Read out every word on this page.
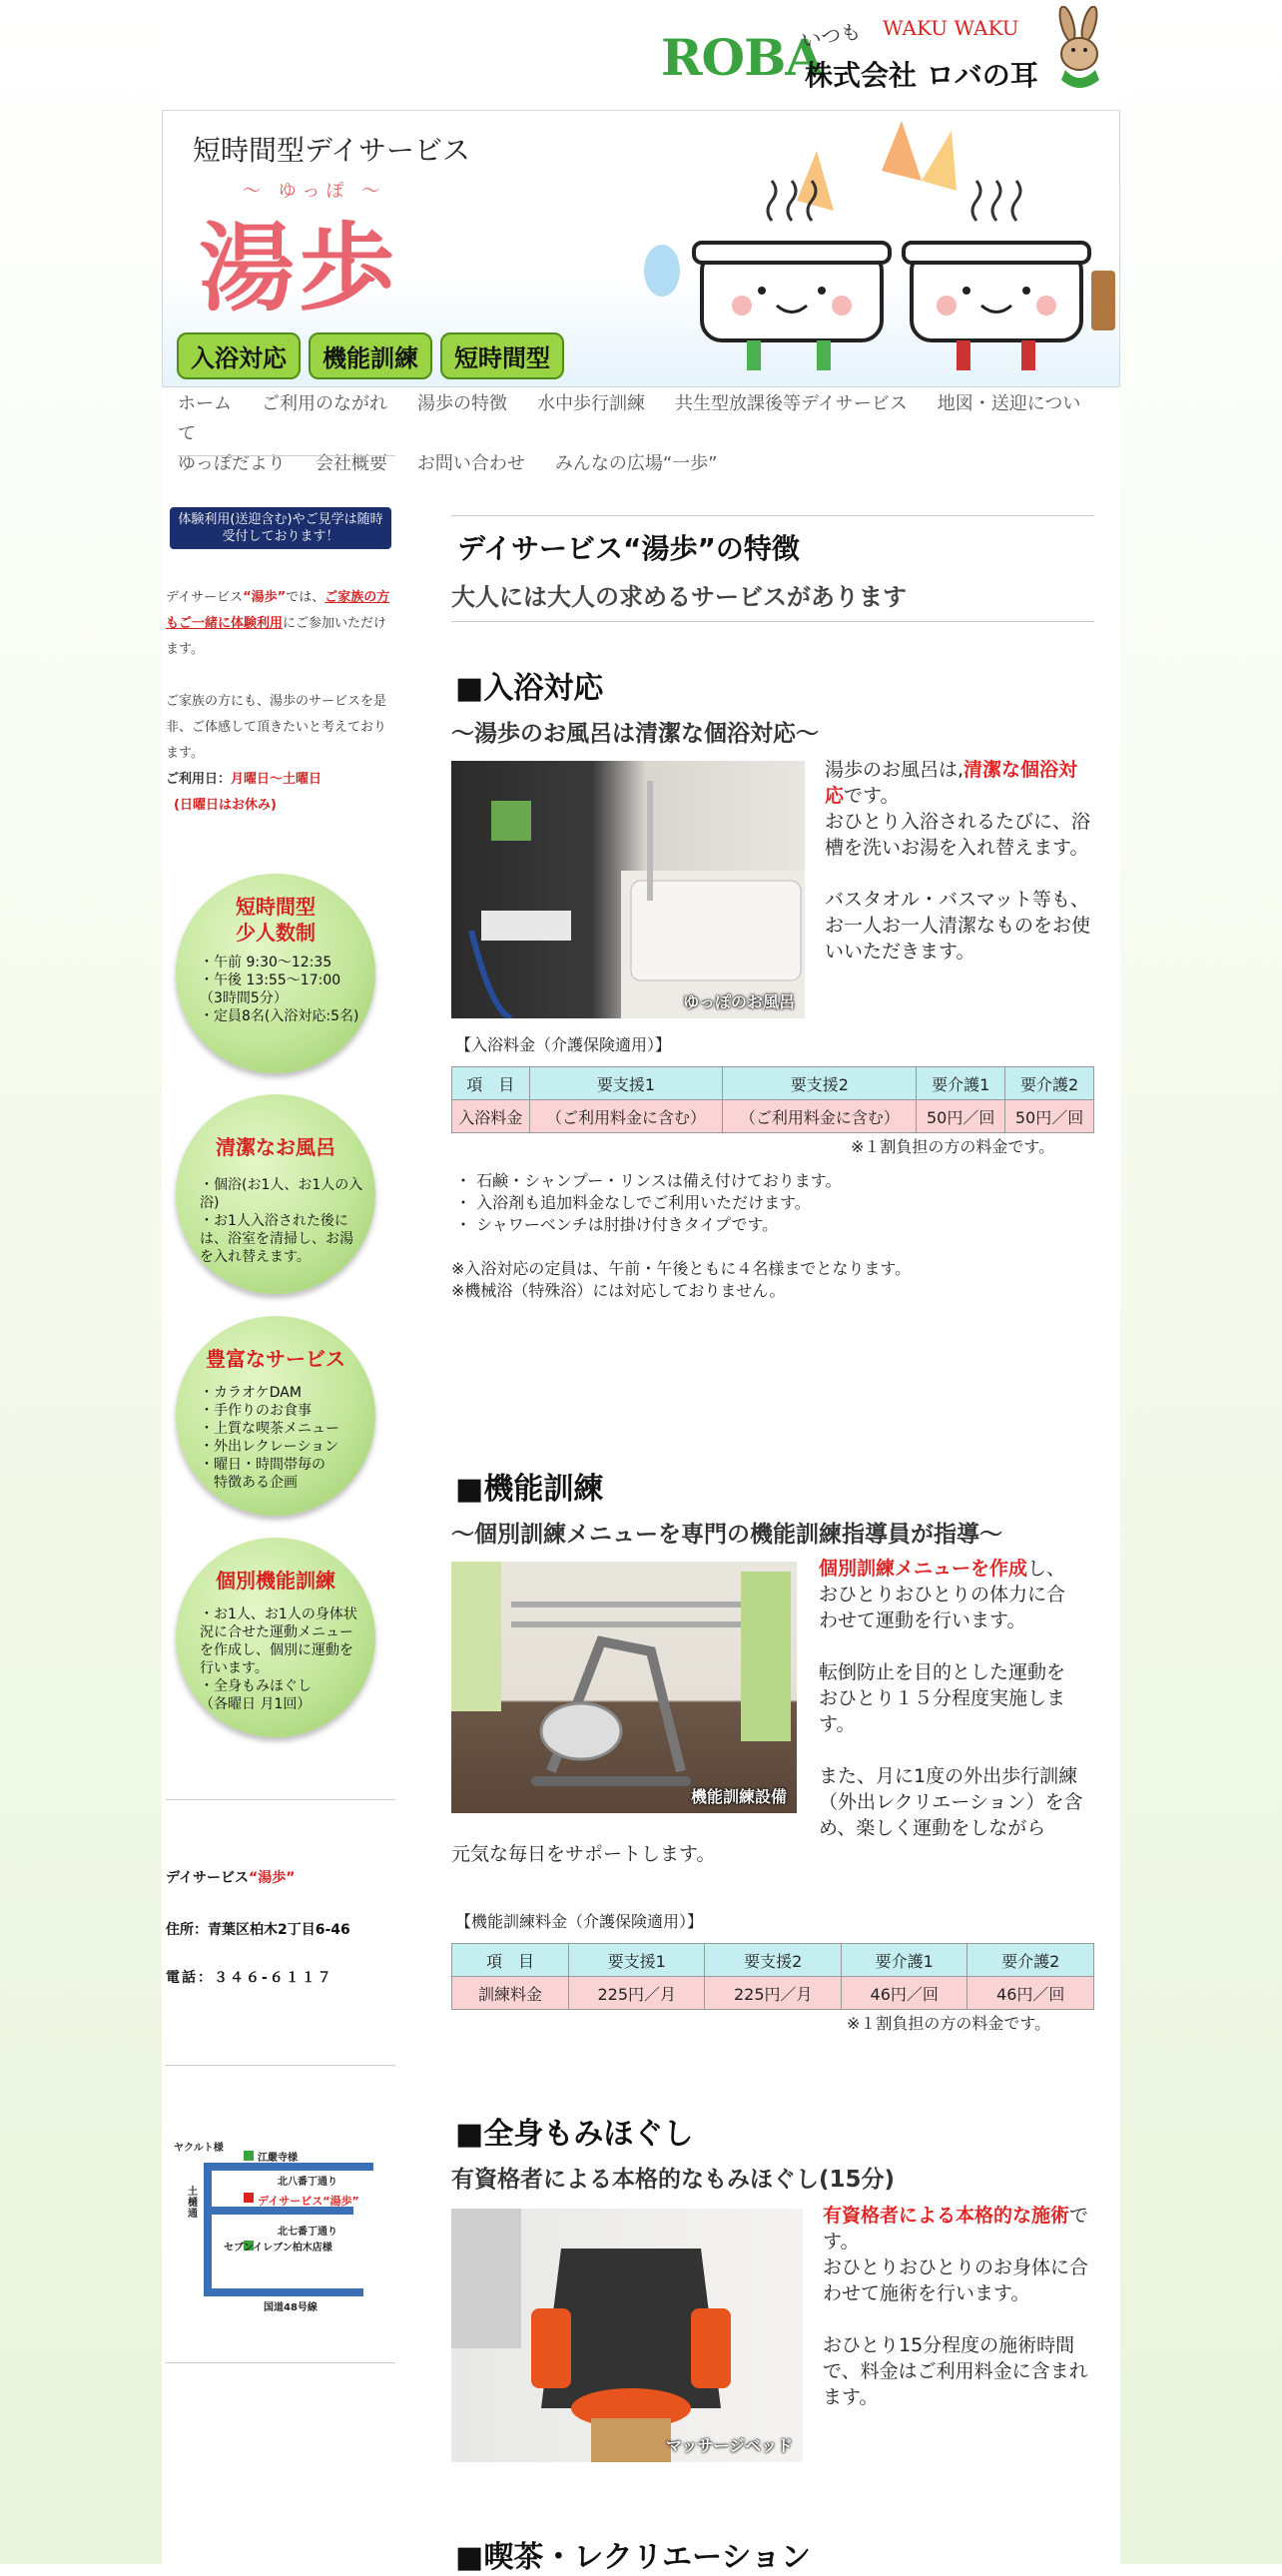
ROBA
いつも WAKU WAKU
株式会社 ロバの耳
短時間型デイサービス
〜 ゆっぽ 〜
湯歩
入浴対応	機能訓練	短時間型
ホーム ご利用のながれ 湯歩の特徴 水中歩行訓練 共生型放課後等デイサービス 地図・送迎について
ゆっぽだより 会社概要 お問い合わせ みんなの広場“一歩”
体験利用(送迎含む)やご見学は随時受付しております！
デイサービス“湯歩”では、ご家族の方もご一緒に体験利用にご参加いただけます。
ご家族の方にも、湯歩のサービスを是非、ご体感して頂きたいと考えております。
ご利用日：月曜日～土曜日
(日曜日はお休み)
短時間型
少人数制
・午前 9:30〜12:35
・午後 13:55〜17:00
（3時間5分）
・定員8名(入浴対応:5名)
清潔なお風呂
・個浴(お1人、お1人の入浴)
・お1人入浴された後には、浴室を清掃し、お湯を入れ替えます。
豊富なサービス
・カラオケDAM
・手作りのお食事
・上質な喫茶メニュー
・外出レクレーション
・曜日・時間帯毎の
　特徴ある企画
個別機能訓練
・お1人、お1人の身体状況に合せた運動メニューを作成し、個別に運動を行います。
・全身もみほぐし
（各曜日 月1回）
デイサービス“湯歩”
住所：青葉区柏木2丁目6-46
電話：３４６-６１１７
ヤクルト様
江嚴寺様
北八番丁通り
土樋通
デイサービス“湯歩”
北七番丁通り
セブンイレブン柏木店様
国道48号線
デイサービス“湯歩”の特徴
大人には大人の求めるサービスがあります
■入浴対応
～湯歩のお風呂は清潔な個浴対応～
ゆっぽのお風呂
湯歩のお風呂は,清潔な個浴対応です。
おひとり入浴されるたびに、浴槽を洗いお湯を入れ替えます。
バスタオル・バスマット等も、お一人お一人清潔なものをお使いいただきます。
【入浴料金（介護保険適用）】
項　目	要支援1	要支援2	要介護1	要介護2
入浴料金	（ご利用料金に含む）	（ご利用料金に含む）	50円／回	50円／回
※１割負担の方の料金です。
・ 石鹸・シャンプー・リンスは備え付けております。
・ 入浴剤も追加料金なしでご利用いただけます。
・ シャワーベンチは肘掛け付きタイプです。
※入浴対応の定員は、午前・午後ともに４名様までとなります。
※機械浴（特殊浴）には対応しておりません。
■機能訓練
～個別訓練メニューを専門の機能訓練指導員が指導～
機能訓練設備
個別訓練メニューを作成し、おひとりおひとりの体力に合わせて運動を行います。
転倒防止を目的とした運動をおひとり１５分程度実施します。
また、月に1度の外出歩行訓練（外出レクリエーション）を含め、楽しく運動をしながら
元気な毎日をサポートします。
【機能訓練料金（介護保険適用）】
項　目	要支援1	要支援2	要介護1	要介護2
訓練料金	225円／月	225円／月	46円／回	46円／回
※１割負担の方の料金です。
■全身もみほぐし
有資格者による本格的なもみほぐし(15分)
マッサージベッド
有資格者による本格的な施術です。
おひとりおひとりのお身体に合わせて施術を行います。
おひとり15分程度の施術時間で、料金はご利用料金に含まれます。
■喫茶・レクリエーション
